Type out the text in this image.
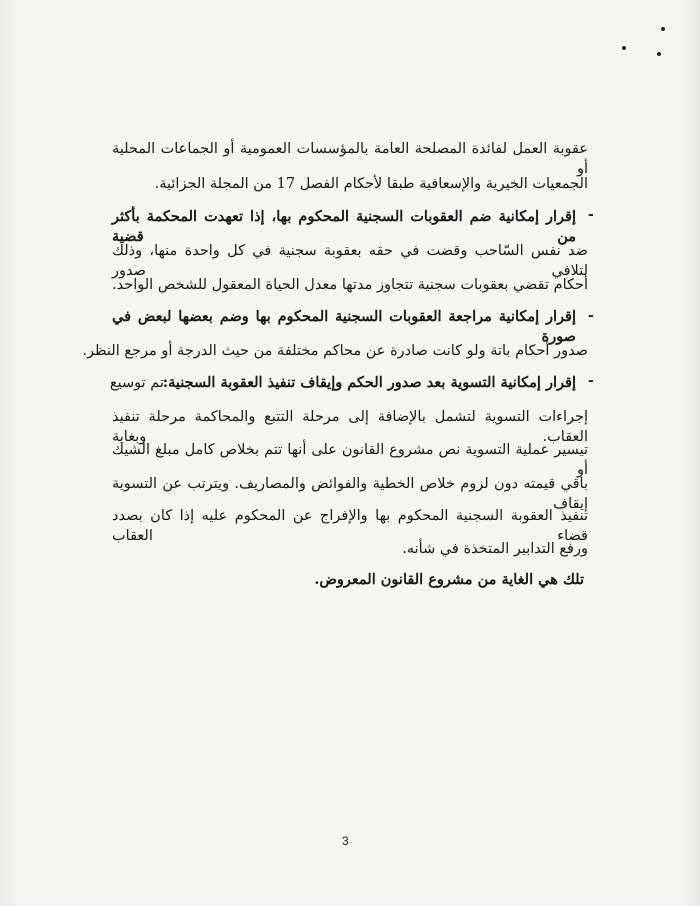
عقوبة العمل لفائدة المصلحة العامة بالمؤسسات العمومية أو الجماعات المحلية أو
الجمعيات الخيرية والإسعافية طبقا لأحكام الفصل 17 من المجلة الجزائية.
-
إقرار إمكانية ضم العقوبات السجنية المحكوم بها، إذا تعهدت المحكمة بأكثر من قضية
ضد نفس السّاحب وقضت في حقه بعقوبة سجنية في كل واحدة منها، وذلك لتلافي صدور
أحكام تقضي بعقوبات سجنية تتجاوز مدتها معدل الحياة المعقول للشخص الواحد.
-
إقرار إمكانية مراجعة العقوبات السجنية المحكوم بها وضم بعضها لبعض في صورة
صدور أحكام باتة ولو كانت صادرة عن محاكم مختلفة من حيث الدرجة أو مرجع النظر.
-
إقرار إمكانية التسوية بعد صدور الحكم وإيقاف تنفيذ العقوبة السجنية:
تم توسيع
إجراءات التسوية لتشمل بالإضافة إلى مرحلة التتبع والمحاكمة مرحلة تنفيذ العقاب. وبغاية
تيسير عملية التسوية نص مشروع القانون على أنها تتم بخلاص كامل مبلغ الشيك أو
باقي قيمته دون لزوم خلاص الخطية والفوائض والمصاريف. ويترتب عن التسوية إيقاف
تنفيذ العقوبة السجنية المحكوم بها والإفراج عن المحكوم عليه إذا كان بصدد قضاء العقاب
ورفع التدابير المتخذة في شأنه.
تلك هي الغاية من مشروع القانون المعروض.
3
